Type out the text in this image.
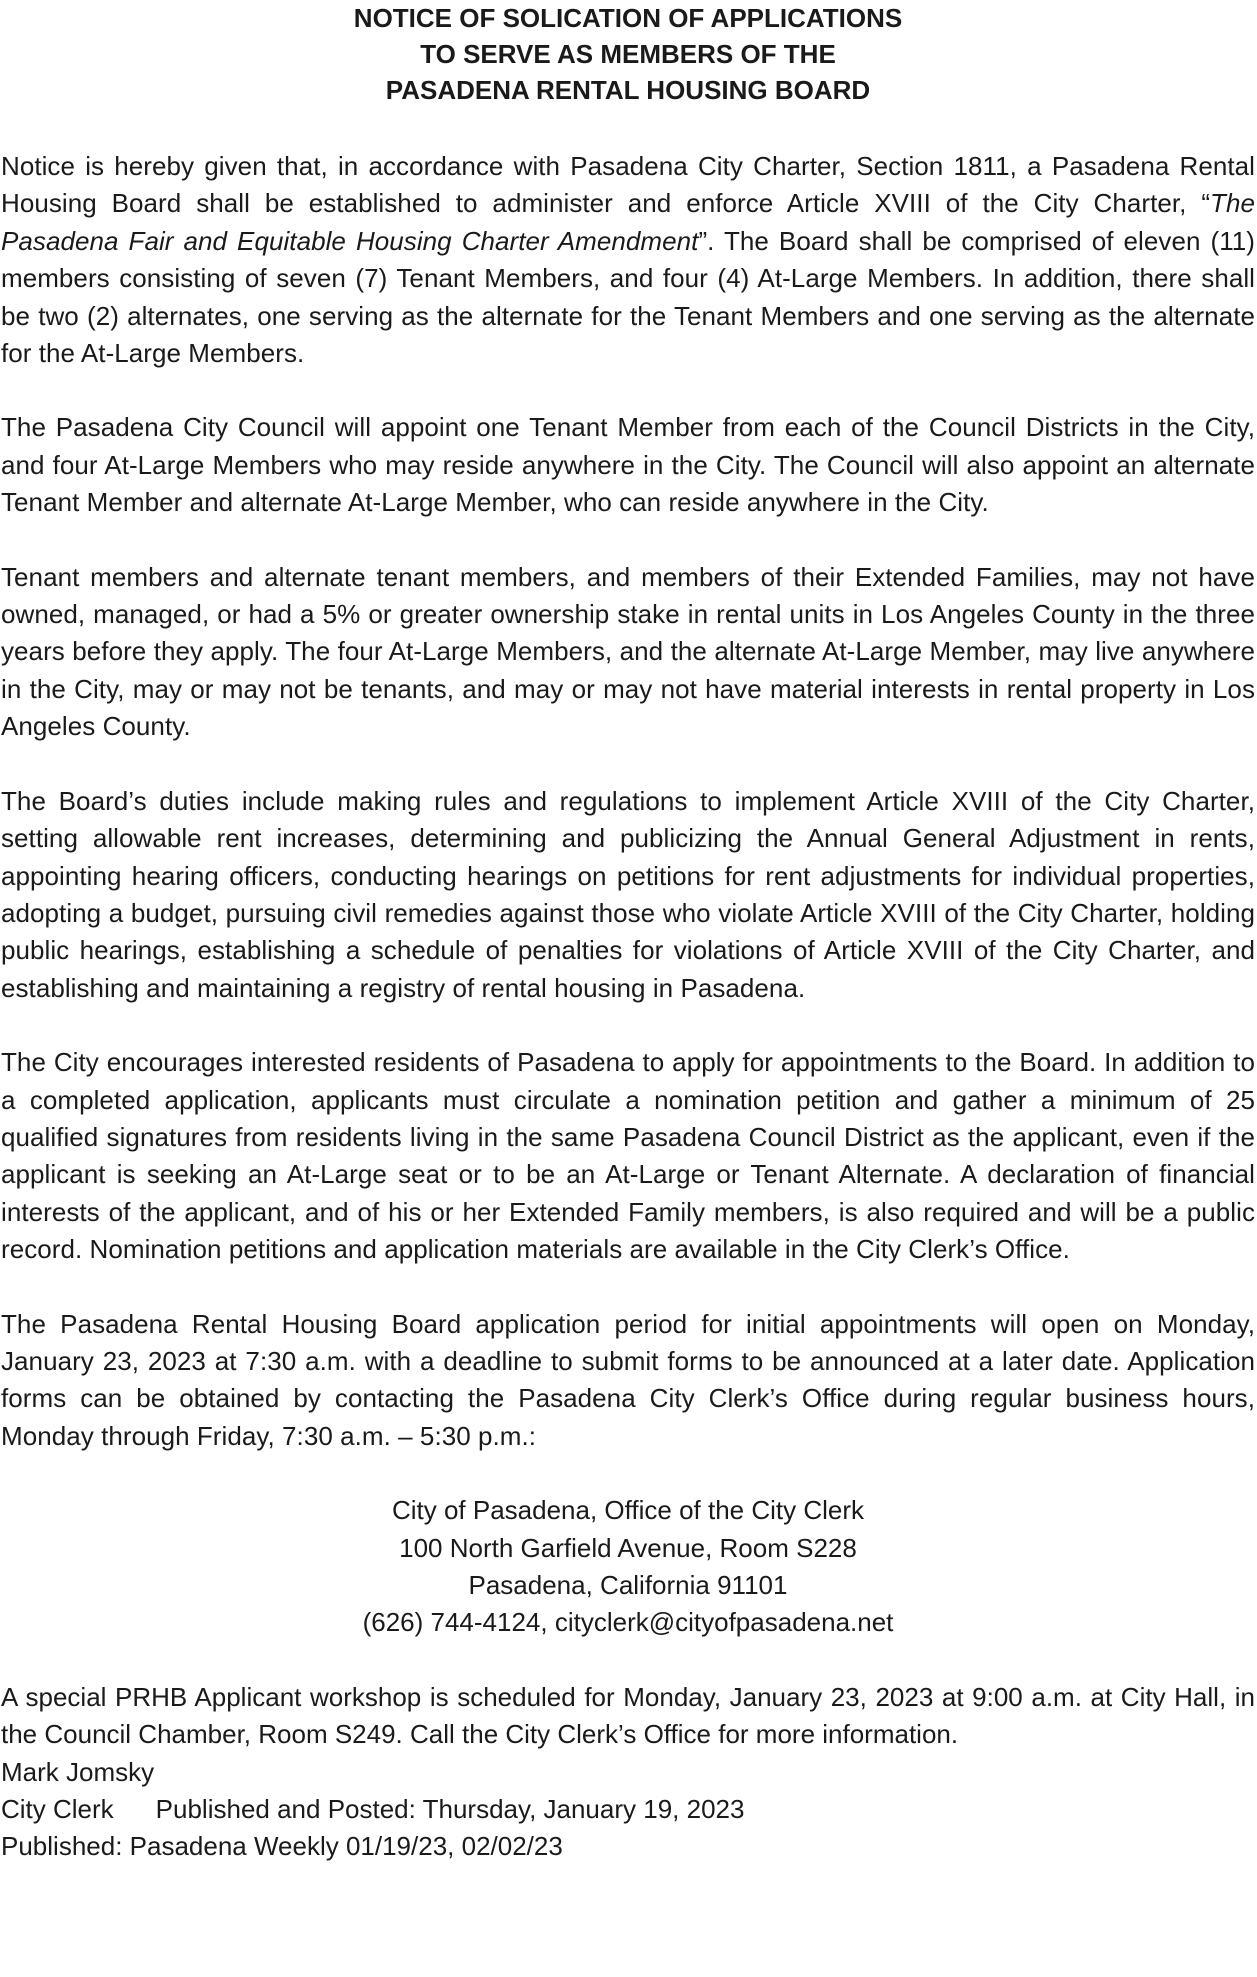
NOTICE OF SOLICATION OF APPLICATIONS
TO SERVE AS MEMBERS OF THE
PASADENA RENTAL HOUSING BOARD

Notice is hereby given that, in accordance with Pasadena City Charter, Section 1811, a Pasadena Rental Housing Board shall be established to administer and enforce Article XVIII of the City Charter, “The Pasadena Fair and Equitable Housing Charter Amendment”. The Board shall be comprised of eleven (11) members consisting of seven (7) Tenant Members, and four (4) At-Large Members. In addition, there shall be two (2) alternates, one serving as the alternate for the Tenant Members and one serving as the alternate for the At-Large Members.

The Pasadena City Council will appoint one Tenant Member from each of the Council Districts in the City, and four At-Large Members who may reside anywhere in the City. The Council will also appoint an alternate Tenant Member and alternate At-Large Member, who can reside anywhere in the City.

Tenant members and alternate tenant members, and members of their Extended Families, may not have owned, managed, or had a 5% or greater ownership stake in rental units in Los Angeles County in the three years before they apply. The four At-Large Members, and the alternate At-Large Member, may live anywhere in the City, may or may not be tenants, and may or may not have material interests in rental property in Los Angeles County.

The Board’s duties include making rules and regulations to implement Article XVIII of the City Charter, setting allowable rent increases, determining and publicizing the Annual General Adjustment in rents, appointing hearing officers, conducting hearings on petitions for rent adjustments for individual properties, adopting a budget, pursuing civil remedies against those who violate Article XVIII of the City Charter, holding public hearings, establishing a schedule of penalties for violations of Article XVIII of the City Charter, and establishing and maintaining a registry of rental housing in Pasadena.

The City encourages interested residents of Pasadena to apply for appointments to the Board. In addition to a completed application, applicants must circulate a nomination petition and gather a minimum of 25 qualified signatures from residents living in the same Pasadena Council District as the applicant, even if the applicant is seeking an At-Large seat or to be an At-Large or Tenant Alternate. A declaration of financial interests of the applicant, and of his or her Extended Family members, is also required and will be a public record. Nomination petitions and application materials are available in the City Clerk’s Office.

The Pasadena Rental Housing Board application period for initial appointments will open on Monday, January 23, 2023 at 7:30 a.m. with a deadline to submit forms to be announced at a later date. Application forms can be obtained by contacting the Pasadena City Clerk’s Office during regular business hours, Monday through Friday, 7:30 a.m. – 5:30 p.m.:

City of Pasadena, Office of the City Clerk
100 North Garfield Avenue, Room S228
Pasadena, California 91101
(626) 744-4124, cityclerk@cityofpasadena.net
A special PRHB Applicant workshop is scheduled for Monday, January 23, 2023 at 9:00 a.m. at City Hall, in the Council Chamber, Room S249. Call the City Clerk’s Office for more information.
Mark Jomsky
City Clerk Published and Posted: Thursday, January 19, 2023
Published: Pasadena Weekly 01/19/23, 02/02/23
